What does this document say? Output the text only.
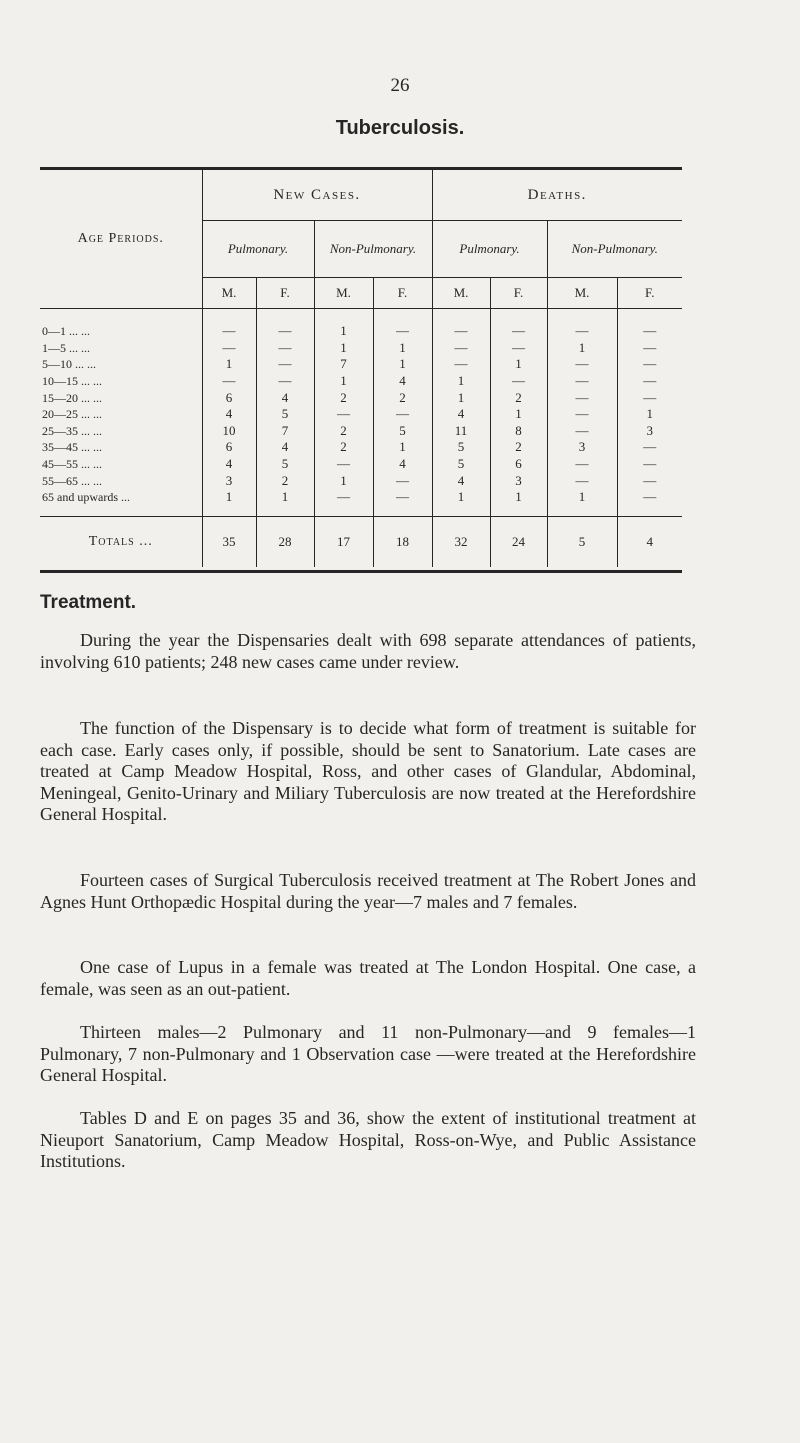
26
Tuberculosis.
Age Periods.	New Cases.				Deaths.			
	Pulmonary.		Non-Pulmonary.		Pulmonary.		Non-Pulmonary.	
	M.	F.	M.	F.	M.	F.	M.	F.
0—1 ... ...	—	—	1	—	—	—	—	—
1—5 ... ...	—	—	1	1	—	—	1	—
5—10 ... ...	1	—	7	1	—	1	—	—
10—15 ... ...	—	—	1	4	1	—	—	—
15—20 ... ...	6	4	2	2	1	2	—	—
20—25 ... ...	4	5	—	—	4	1	—	1
25—35 ... ...	10	7	2	5	11	8	—	3
35—45 ... ...	6	4	2	1	5	2	3	—
45—55 ... ...	4	5	—	4	5	6	—	—
55—65 ... ...	3	2	1	—	4	3	—	—
65 and upwards ...	1	1	—	—	1	1	1	—
Totals ...	35	28	17	18	32	24	5	4
Treatment.

During the year the Dispensaries dealt with 698 separate attendances of patients, involving 610 patients; 248 new cases came under review.

The function of the Dispensary is to decide what form of treatment is suitable for each case. Early cases only, if possible, should be sent to Sanatorium. Late cases are treated at Camp Meadow Hospital, Ross, and other cases of Glandular, Abdominal, Meningeal, Genito-Urinary and Miliary Tuberculosis are now treated at the Herefordshire General Hospital.

Fourteen cases of Surgical Tuberculosis received treatment at The Robert Jones and Agnes Hunt Orthopædic Hospital during the year—7 males and 7 females.

One case of Lupus in a female was treated at The London Hospital. One case, a female, was seen as an out-patient.

Thirteen males—2 Pulmonary and 11 non-Pulmonary—and 9 females—1 Pulmonary, 7 non-Pulmonary and 1 Observation case —were treated at the Herefordshire General Hospital.

Tables D and E on pages 35 and 36, show the extent of institutional treatment at Nieuport Sanatorium, Camp Meadow Hospital, Ross-on-Wye, and Public Assistance Institutions.
